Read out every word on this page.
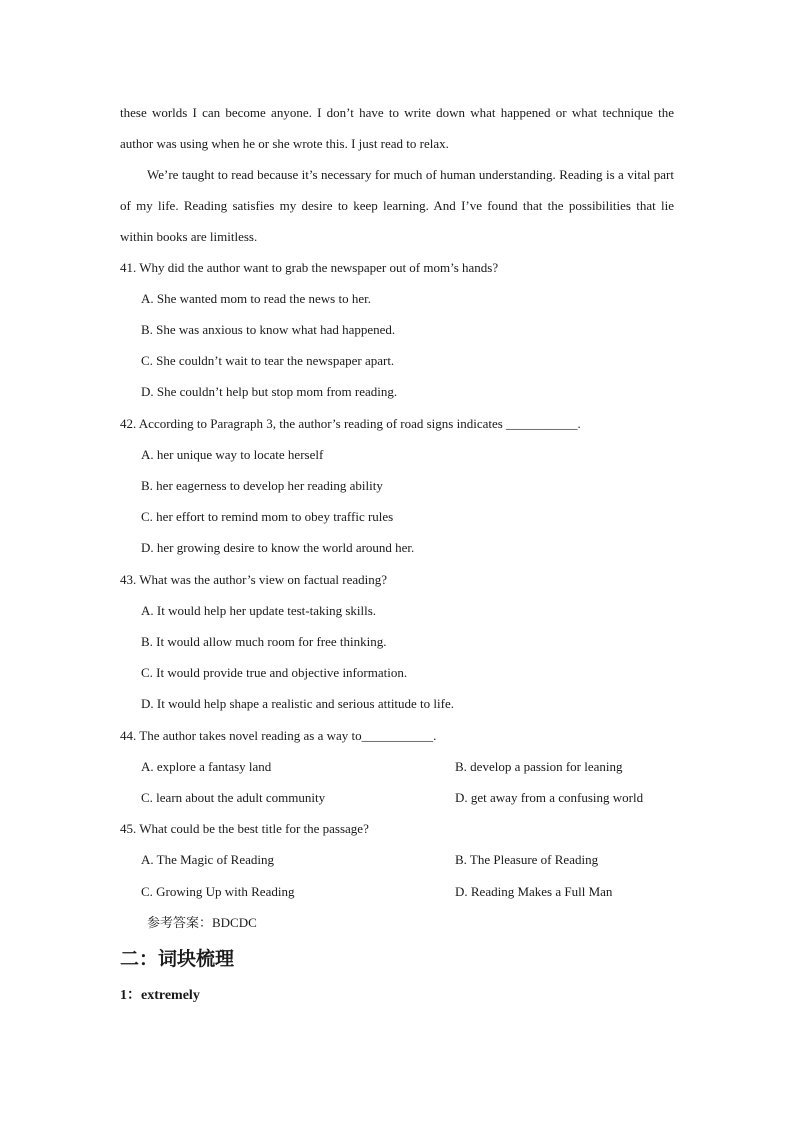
these worlds I can become anyone. I don’t have to write down what happened or what technique the author was using when he or she wrote this. I just read to relax.

We’re taught to read because it’s necessary for much of human understanding. Reading is a vital part of my life. Reading satisfies my desire to keep learning. And I’ve found that the possibilities that lie within books are limitless.

41. Why did the author want to grab the newspaper out of mom’s hands?

A. She wanted mom to read the news to her.

B. She was anxious to know what had happened.

C. She couldn’t wait to tear the newspaper apart.

D. She couldn’t help but stop mom from reading.

42. According to Paragraph 3, the author’s reading of road signs indicates ___________.

A. her unique way to locate herself

B. her eagerness to develop her reading ability

C. her effort to remind mom to obey traffic rules

D. her growing desire to know the world around her.

43. What was the author’s view on factual reading?

A. It would help her update test-taking skills.

B. It would allow much room for free thinking.

C. It would provide true and objective information.

D. It would help shape a realistic and serious attitude to life.

44. The author takes novel reading as a way to___________.

A. explore a fantasy land	B. develop a passion for leaning

C. learn about the adult community	D. get away from a confusing world

45. What could be the best title for the passage?

A. The Magic of Reading	B. The Pleasure of Reading

C. Growing Up with Reading	D. Reading Makes a Full Man

参考答案：BDCDC

二：词块梳理

1：extremely
